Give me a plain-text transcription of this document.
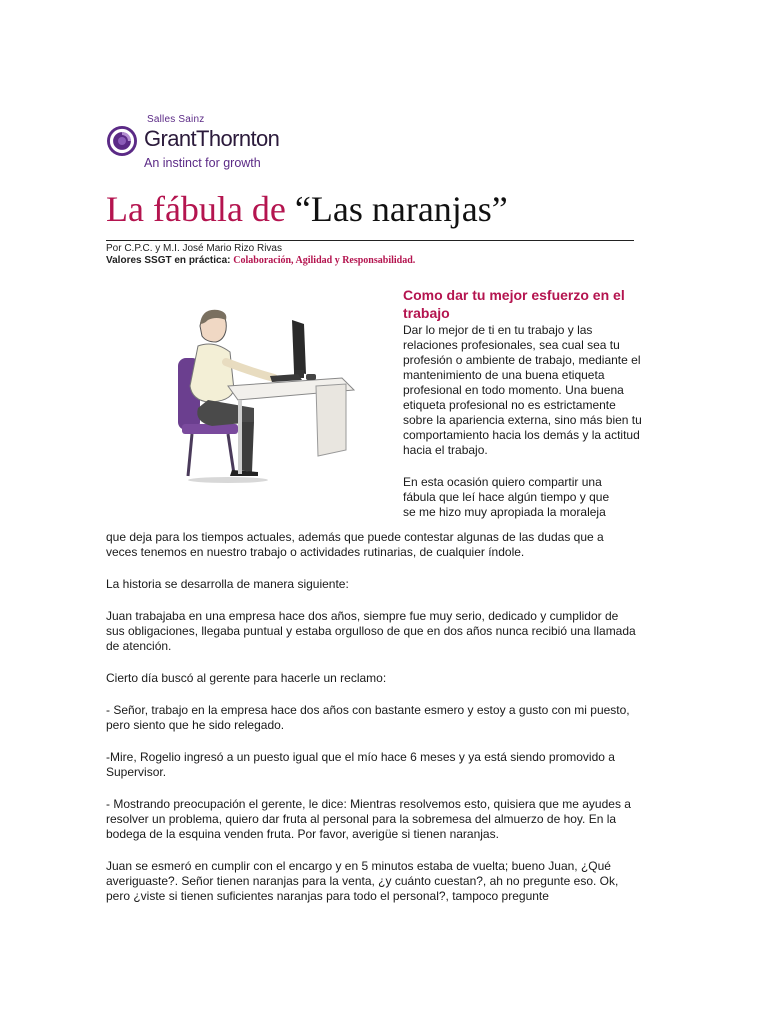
Salles Sainz
GrantThornton
An instinct for growth
La fábula de “Las naranjas”
Por C.P.C. y M.I. José Mario Rizo Rivas
Valores SSGT en práctica: Colaboración, Agilidad y Responsabilidad.
Como dar tu mejor esfuerzo en el trabajo

Dar lo mejor de ti en tu trabajo y las relaciones profesionales, sea cual sea tu profesión o ambiente de trabajo, mediante el mantenimiento de una buena etiqueta profesional en todo momento. Una buena etiqueta profesional no es estrictamente sobre la apariencia externa, sino más bien tu comportamiento hacia los demás y la actitud hacia el trabajo.

En esta ocasión quiero compartir una

fábula que leí hace algún tiempo y que

se me hizo muy apropiada la moraleja

que deja para los tiempos actuales, además que puede contestar algunas de las dudas que a veces tenemos en nuestro trabajo o actividades rutinarias, de cualquier índole.

La historia se desarrolla de manera siguiente:

Juan trabajaba en una empresa hace dos años, siempre fue muy serio, dedicado y cumplidor de sus obligaciones, llegaba puntual y estaba orgulloso de que en dos años nunca recibió una llamada de atención.

Cierto día buscó al gerente para hacerle un reclamo:

- Señor, trabajo en la empresa hace dos años con bastante esmero y estoy a gusto con mi puesto, pero siento que he sido relegado.

-Mire, Rogelio ingresó a un puesto igual que el mío hace 6 meses y ya está siendo promovido a Supervisor.

- Mostrando preocupación el gerente, le dice: Mientras resolvemos esto, quisiera que me ayudes a resolver un problema, quiero dar fruta al personal para la sobremesa del almuerzo de hoy. En la bodega de la esquina venden fruta. Por favor, averigüe si tienen naranjas.

Juan se esmeró en cumplir con el encargo y en 5 minutos estaba de vuelta; bueno Juan, ¿Qué averiguaste?. Señor tienen naranjas para la venta, ¿y cuánto cuestan?, ah no pregunte eso. Ok, pero ¿viste si tienen suficientes naranjas para todo el personal?, tampoco pregunte
